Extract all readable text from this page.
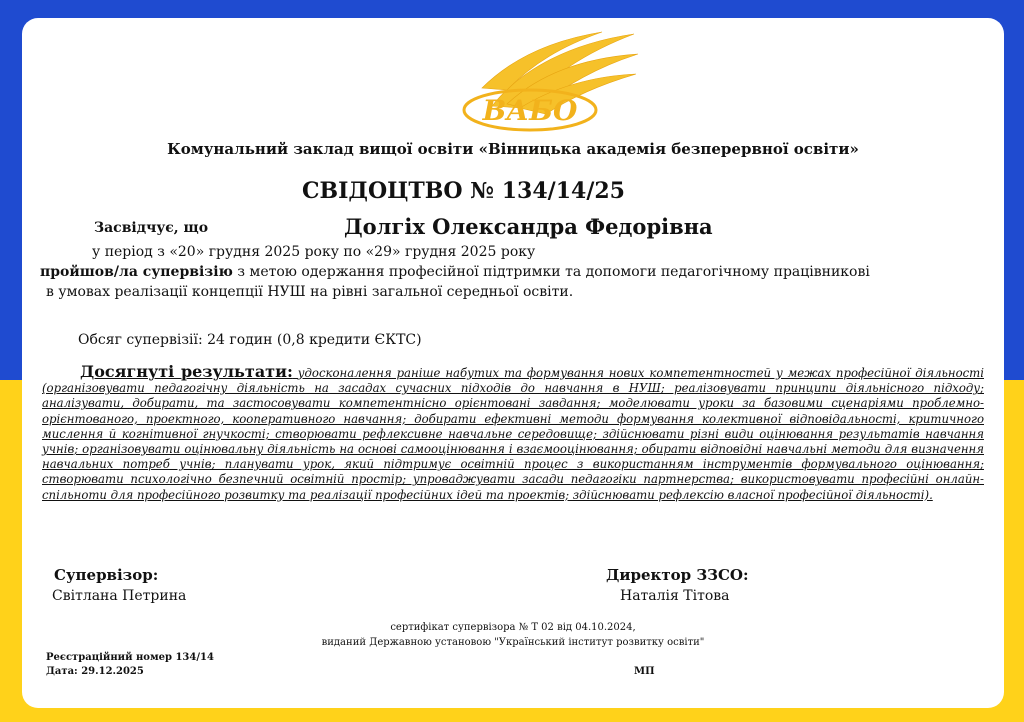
ВАБО
Комунальний заклад вищої освіти «Вінницька академія безперервної освіти»
СВІДОЦТВО № 134/14/25
Засвідчує, що	Долгіх Олександра Федорівна
у період з «20» грудня 2025 року по «29» грудня 2025 року
пройшов/ла супервізію з метою одержання професійної підтримки та допомоги педагогічному працівникові
в умовах реалізації концепції НУШ на рівні загальної середньої освіти.
Обсяг супервізії: 24 годин (0,8 кредити ЄКТС)
Досягнуті результати: удосконалення раніше набутих та формування нових компетентностей у межах професійної діяльності (організовувати педагогічну діяльність на засадах сучасних підходів до навчання в НУШ; реалізовувати принципи діяльнісного підходу; аналізувати, добирати, та застосовувати компетентнісно орієнтовані завдання; моделювати уроки за базовими сценаріями проблемно-орієнтованого, проектного, кооперативного навчання; добирати ефективні методи формування колективної відповідальності, критичного мислення й когнітивної гнучкості; створювати рефлексивне навчальне середовище; здійснювати різні види оцінювання результатів навчання учнів; організовувати оцінювальну діяльність на основі самооцінювання і взаємооцінювання; обирати відповідні навчальні методи для визначення навчальних потреб учнів; планувати урок, який підтримує освітній процес з використанням інструментів формувального оцінювання; створювати психологічно безпечний освітній простір; упроваджувати засади педагогіки партнерства; використовувати професійні онлайн-спільноти для професійного розвитку та реалізації професійних ідей та проектів; здійснювати рефлексію власної професійної діяльності).
Супервізор:
Світлана Петрина
Директор ЗЗСО:
Наталія Тітова
сертифікат супервізора № Т 02 від 04.10.2024,
виданий Державною установою "Український інститут розвитку освіти"
Реєстраційний номер 134/14
Дата: 29.12.2025	МП
